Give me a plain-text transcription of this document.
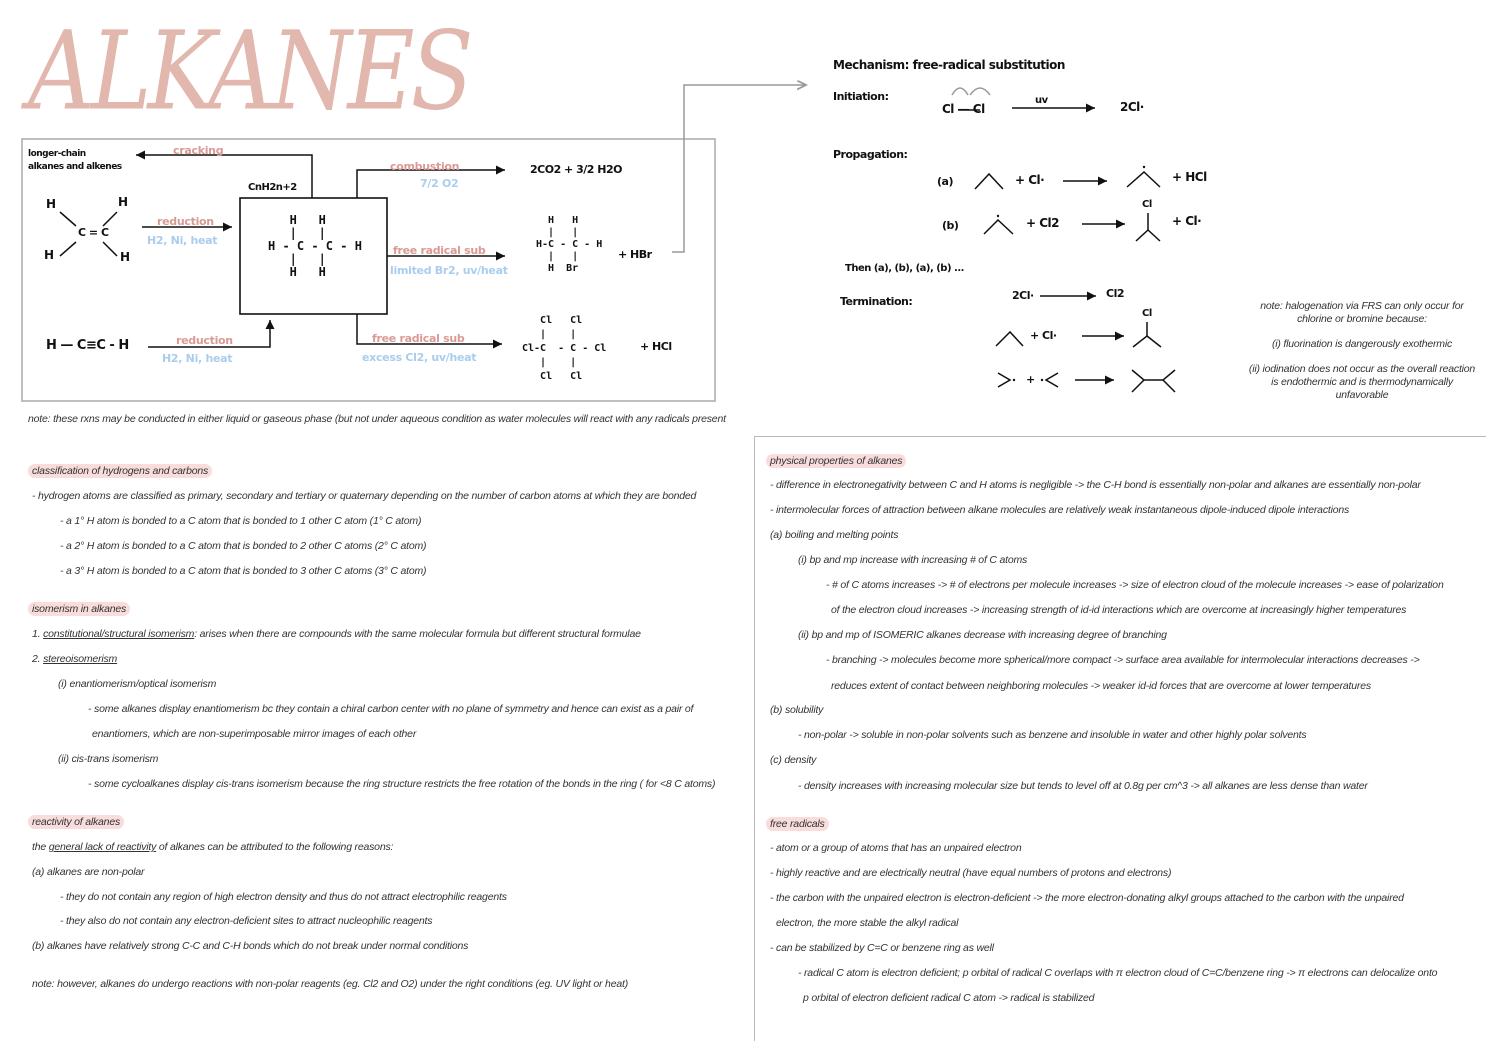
ALKANES
longer-chain
alkanes and alkenes
cracking
CnH2n+2
H	H
H	H
C = C
reduction
H2, Ni, heat
H — C≡C - H	reduction
H2, Ni, heat
H   H
|   |
H - C - C - H
|   |
H   H
combustion
7/2 O2
2CO2 + 3/2 H2O
free radical sub
limited Br2, uv/heat
H   H
|   |
H-C - C - H
|   |
H  Br
+ HBr
free radical sub
excess Cl2, uv/heat
Cl   Cl
|    |
Cl-C  - C - Cl
|    |
Cl   Cl
+ HCl
note: these rxns may be conducted in either liquid or gaseous phase (but not under aqueous condition as water molecules will react with any radicals present
Mechanism: free-radical substitution
Initiation:
Cl — Cl
uv	2Cl·
Propagation:
(a)	+ Cl·	+ HCl
(b)	+ Cl2
Cl
+ Cl·
Then (a), (b), (a), (b) ...
Termination:	2Cl·	Cl2
+ Cl·
Cl
+
note: halogenation via FRS can only occur for chlorine or bromine because:
(i) fluorination is dangerously exothermic
(ii) iodination does not occur as the overall reaction is endothermic and is thermodynamically unfavorable
classification of hydrogens and carbons
- hydrogen atoms are classified as primary, secondary and tertiary or quaternary depending on the number of carbon atoms at which they are bonded
- a 1° H atom is bonded to a C atom that is bonded to 1 other C atom (1° C atom)
- a 2° H atom is bonded to a C atom that is bonded to 2 other C atoms (2° C atom)
- a 3° H atom is bonded to a C atom that is bonded to 3 other C atoms (3° C atom)
isomerism in alkanes
1. constitutional/structural isomerism: arises when there are compounds with the same molecular formula but different structural formulae
2. stereoisomerism
(i) enantiomerism/optical isomerism
- some alkanes display enantiomerism bc they contain a chiral carbon center with no plane of symmetry and hence can exist as a pair of
enantiomers, which are non-superimposable mirror images of each other
(ii) cis-trans isomerism
- some cycloalkanes display cis-trans isomerism because the ring structure restricts the free rotation of the bonds in the ring ( for <8 C atoms)
reactivity of alkanes
the general lack of reactivity of alkanes can be attributed to the following reasons:
(a) alkanes are non-polar
- they do not contain any region of high electron density and thus do not attract electrophilic reagents
- they also do not contain any electron-deficient sites to attract nucleophilic reagents
(b) alkanes have relatively strong C-C and C-H bonds which do not break under normal conditions
note: however, alkanes do undergo reactions with non-polar reagents (eg. Cl2 and O2) under the right conditions (eg. UV light or heat)
physical properties of alkanes
- difference in electronegativity between C and H atoms is negligible -> the C-H bond is essentially non-polar and alkanes are essentially non-polar
- intermolecular forces of attraction between alkane molecules are relatively weak instantaneous dipole-induced dipole interactions
(a) boiling and melting points
(i) bp and mp increase with increasing # of C atoms
- # of C atoms increases -> # of electrons per molecule increases -> size of electron cloud of the molecule increases -> ease of polarization
of the electron cloud increases -> increasing strength of id-id interactions which are overcome at increasingly higher temperatures
(ii) bp and mp of ISOMERIC alkanes decrease with increasing degree of branching
- branching -> molecules become more spherical/more compact -> surface area available for intermolecular interactions decreases ->
reduces extent of contact between neighboring molecules -> weaker id-id forces that are overcome at lower temperatures
(b) solubility
- non-polar -> soluble in non-polar solvents such as benzene and insoluble in water and other highly polar solvents
(c) density
- density increases with increasing molecular size but tends to level off at 0.8g per cm^3 -> all alkanes are less dense than water
free radicals
- atom or a group of atoms that has an unpaired electron
- highly reactive and are electrically neutral (have equal numbers of protons and electrons)
- the carbon with the unpaired electron is electron-deficient -> the more electron-donating alkyl groups attached to the carbon with the unpaired
electron, the more stable the alkyl radical
- can be stabilized by C=C or benzene ring as well
- radical C atom is electron deficient; p orbital of radical C overlaps with π electron cloud of C=C/benzene ring -> π electrons can delocalize onto
p orbital of electron deficient radical C atom -> radical is stabilized
